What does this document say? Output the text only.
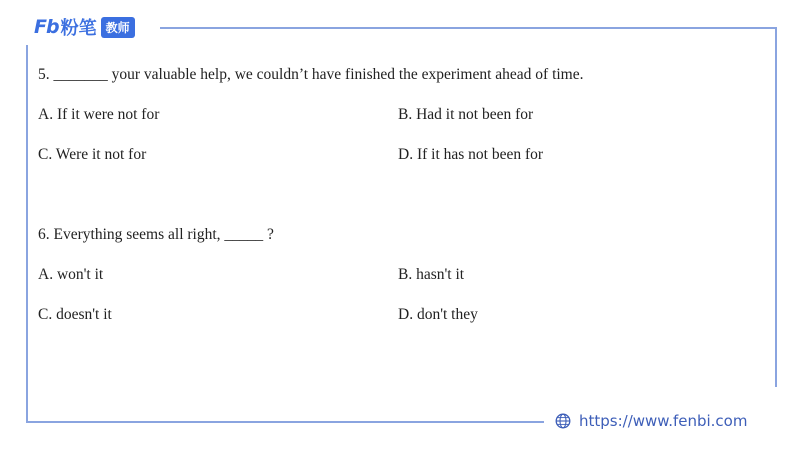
Fb 粉笔 教师
5. _______ your valuable help, we couldn’t have finished the experiment ahead of time.
A. If it were not for	B. Had it not been for
C. Were it not for	D. If it has not been for
6. Everything seems all right, _____ ?
A. won't it	B. hasn't it
C. doesn't it	D. don't they
https://www.fenbi.com
